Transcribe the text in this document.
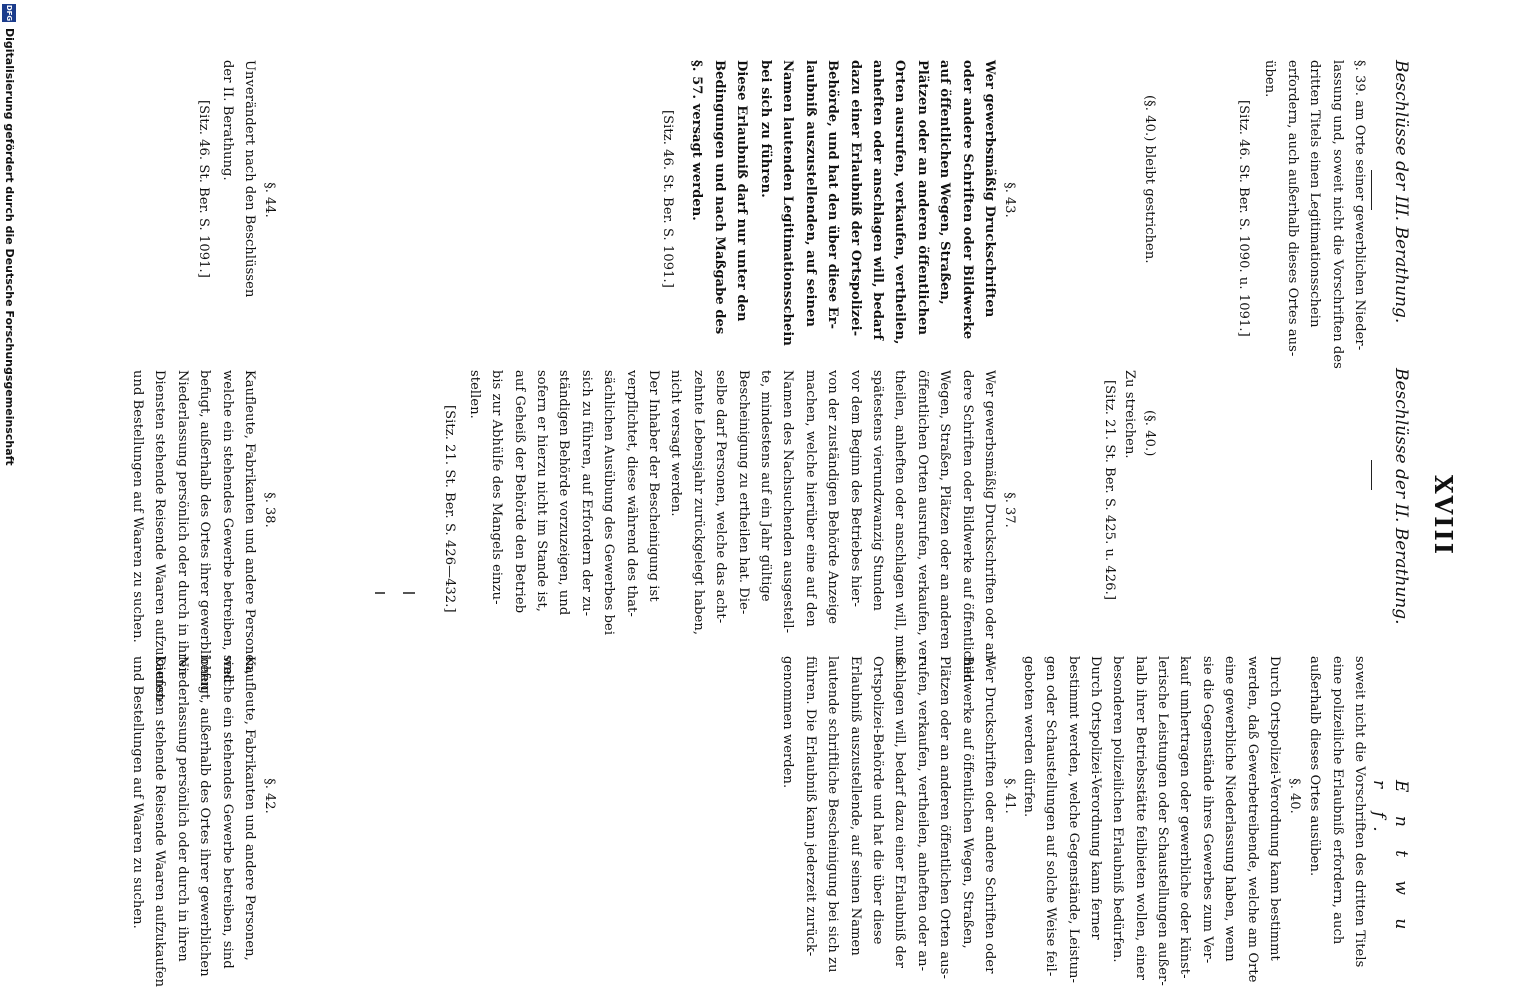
Beschlüsse der III. Berathung.
XVIII
Beschlüsse der II. Berathung.
E n t w u r f.
§. 39. am Orte seiner gewerblichen Nieder-
lassung und, soweit nicht die Vorschriften des
dritten Titels einen Legitimationsschein
erfordern, auch außerhalb dieses Ortes aus-
üben.
[Sitz. 46. St. Ber. S. 1090. u. 1091.]
(§. 40.) bleibt gestrichen.
§. 43.
Wer gewerbsmäßig Druckschriften
oder andere Schriften oder Bildwerke
auf öffentlichen Wegen, Straßen,
Plätzen oder an anderen öffentlichen
Orten ausrufen, verkaufen, vertheilen,
anheften oder anschlagen will, bedarf
dazu einer Erlaubniß der Ortspolizei-
Behörde, und hat den über diese Er-
laubniß auszustellenden, auf seinen
Namen lautenden Legitimationsschein
bei sich zu führen.
Diese Erlaubniß darf nur unter den
Bedingungen und nach Maßgabe des
§. 57. versagt werden.
[Sitz. 46. St. Ber. S. 1091.]
§. 44.
Unverändert nach den Beschlüssen
der II. Berathung.
[Sitz. 46. St. Ber. S. 1091.]
(§. 40.)
Zu streichen.
[Sitz. 21. St. Ber. S. 425. u. 426.]
§. 37.
Wer gewerbsmäßig Druckschriften oder an-
dere Schriften oder Bildwerke auf öffentlichen
Wegen, Straßen, Plätzen oder an anderen
öffentlichen Orten ausrufen, verkaufen, ver-
theilen, anheften oder anschlagen will, muß
spätestens vierundzwanzig Stunden
vor dem Beginn des Betriebes hier-
von der zuständigen Behörde Anzeige
machen, welche hierüber eine auf den
Namen des Nachsuchenden ausgestell-
te, mindestens auf ein Jahr gültige
Bescheinigung zu ertheilen hat. Die-
selbe darf Personen, welche das acht-
zehnte Lebensjahr zurückgelegt haben,
nicht versagt werden.
Der Inhaber der Bescheinigung ist
verpflichtet, diese während des that-
sächlichen Ausübung des Gewerbes bei
sich zu führen, auf Erfordern der zu-
ständigen Behörde vorzuzeigen, und
sofern er hierzu nicht im Stande ist,
auf Geheiß der Behörde den Betrieb
bis zur Abhülfe des Mangels einzu-
stellen.
[Sitz. 21. St. Ber. S. 426—432.]
§. 38.
Kaufleute, Fabrikanten und andere Personen,
welche ein stehendes Gewerbe betreiben, sind
befugt, außerhalb des Ortes ihrer gewerblichen
Niederlassung persönlich oder durch in ihren
Diensten stehende Reisende Waaren aufzukaufen
und Bestellungen auf Waaren zu suchen.
soweit nicht die Vorschriften des dritten Titels
eine polizeiliche Erlaubniß erfordern, auch
außerhalb dieses Ortes ausüben.
§. 40.
Durch Ortspolizei-Verordnung kann bestimmt
werden, daß Gewerbetreibende, welche am Orte
eine gewerbliche Niederlassung haben, wenn
sie die Gegenstände ihres Gewerbes zum Ver-
kauf umhertragen oder gewerbliche oder künst-
lerische Leistungen oder Schaustellungen außer-
halb ihrer Betriebsstätte feilbieten wollen, einer
besonderen polizeilichen Erlaubniß bedürfen.
Durch Ortspolizei-Verordnung kann ferner
bestimmt werden, welche Gegenstände, Leistun-
gen oder Schaustellungen auf solche Weise feil-
geboten werden dürfen.
§. 41.
Wer Druckschriften oder andere Schriften oder
Bildwerke auf öffentlichen Wegen, Straßen,
Plätzen oder an anderen öffentlichen Orten aus-
rufen, verkaufen, vertheilen, anheften oder an-
schlagen will, bedarf dazu einer Erlaubniß der
Ortspolizei-Behörde und hat die über diese
Erlaubniß auszustellende, auf seinen Namen
lautende schriftliche Bescheinigung bei sich zu
führen. Die Erlaubniß kann jederzeit zurück-
genommen werden.
§. 42.
Kaufleute, Fabrikanten und andere Personen,
welche ein stehendes Gewerbe betreiben, sind
befugt, außerhalb des Ortes ihrer gewerblichen
Niederlassung persönlich oder durch in ihren
Diensten stehende Reisende Waaren aufzukaufen
und Bestellungen auf Waaren zu suchen.
DFG
Digitalisierung gefördert durch die Deutsche Forschungsgemeinschaft
